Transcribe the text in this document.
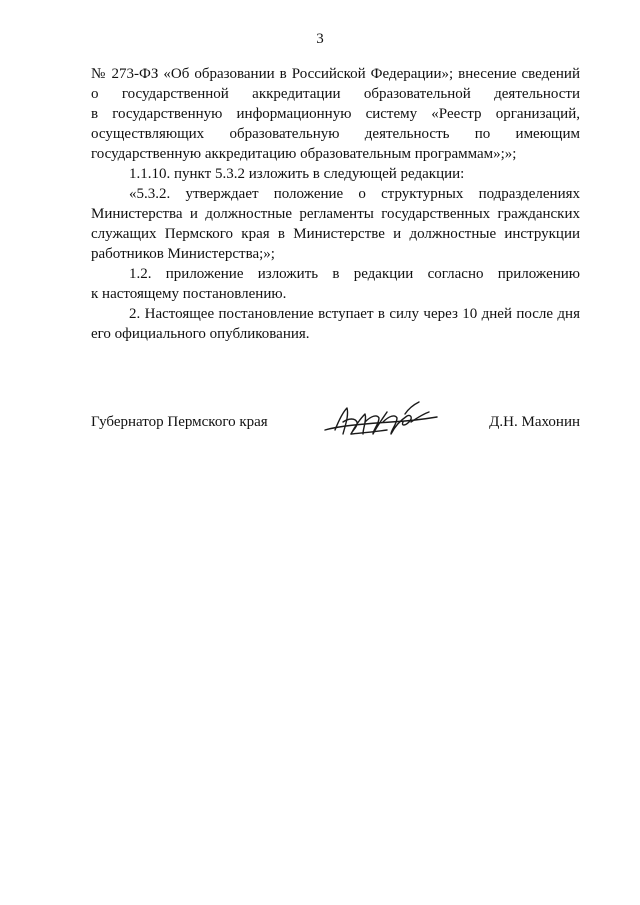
3
№ 273-ФЗ «Об образовании в Российской Федерации»; внесение сведений
о государственной аккредитации образовательной деятельности
в государственную информационную систему «Реестр организаций,
осуществляющих образовательную деятельность по имеющим
государственную аккредитацию образовательным программам»;»;
1.1.10. пункт 5.3.2 изложить в следующей редакции:
«5.3.2. утверждает положение о структурных подразделениях
Министерства и должностные регламенты государственных гражданских
служащих Пермского края в Министерстве и должностные инструкции
работников Министерства;»;
1.2. приложение изложить в редакции согласно приложению
к настоящему постановлению.
2. Настоящее постановление вступает в силу через 10 дней после дня
его официального опубликования.
Губернатор Пермского края	Д.Н. Махонин
